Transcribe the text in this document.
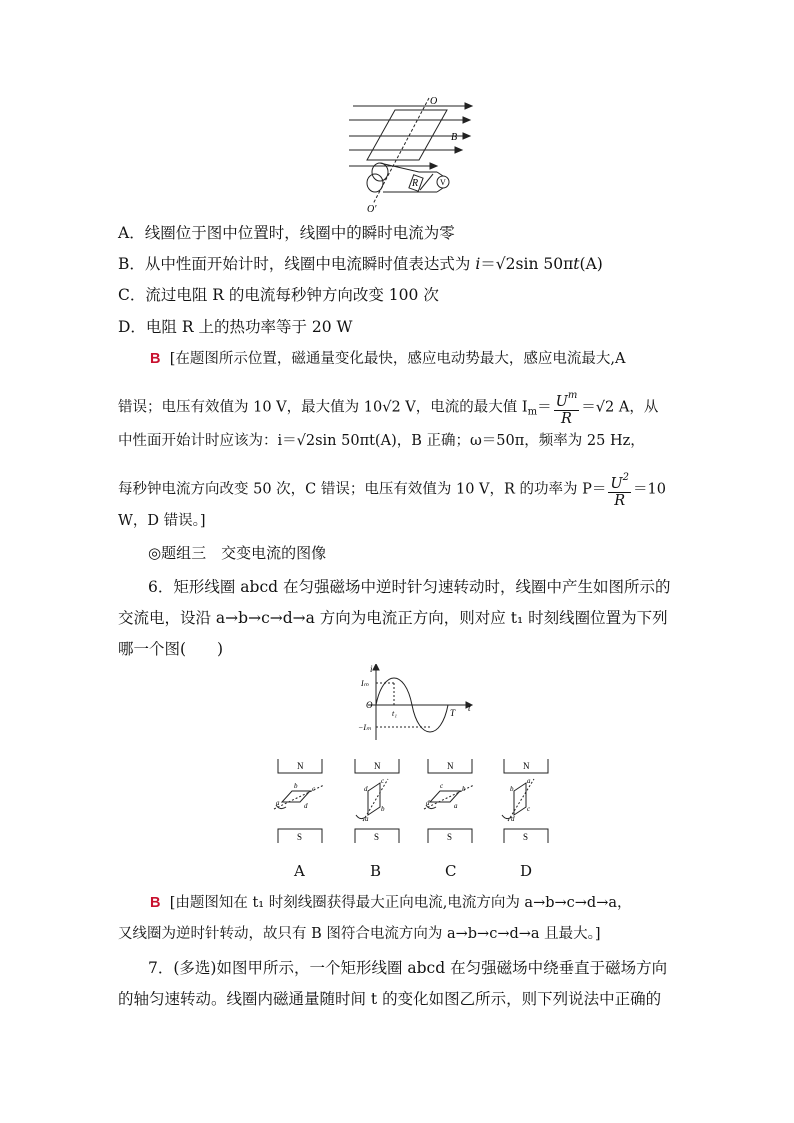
O
B
R	V
O′
A．线圈位于图中位置时，线圈中的瞬时电流为零
B．从中性面开始计时，线圈中电流瞬时值表达式为 i＝√2sin 50πt(A)
C．流过电阻 R 的电流每秒钟方向改变 100 次
D．电阻 R 上的热功率等于 20 W
B [在题图所示位置，磁通量变化最快，感应电动势最大，感应电流最大,A
错误；电压有效值为 10 V，最大值为 10√2 V，电流的最大值 $I_m= \frac{U^m}{R} =√2$ A，从
中性面开始计时应该为：i＝√2sin 50πt(A)，B 正确；ω＝50π，频率为 25 Hz，
每秒钟电流方向改变 50 次，C 错误；电压有效值为 10 V，R 的功率为 $P= \frac{U^2}{R} =10$
W，D 错误。]
◎题组三　交变电流的图像
6．矩形线圈 abcd 在匀强磁场中逆时针匀速转动时，线圈中产生如图所示的
交流电，设沿 a→b→c→d→a 方向为电流正方向，则对应 t₁ 时刻线圈位置为下列
哪一个图(　　)
i
Iₘ
O
t₁	T t
−Iₘ
b c
a	d
d
c
a
b
c	b
d	a
b
a
d
c
N
S
N
S
N
S
N
S
A	B	C	D
B [由题图知在 t₁ 时刻线圈获得最大正向电流,电流方向为 a→b→c→d→a，
又线圈为逆时针转动，故只有 B 图符合电流方向为 a→b→c→d→a 且最大。]
7．(多选)如图甲所示，一个矩形线圈 abcd 在匀强磁场中绕垂直于磁场方向
的轴匀速转动。线圈内磁通量随时间 t 的变化如图乙所示，则下列说法中正确的
